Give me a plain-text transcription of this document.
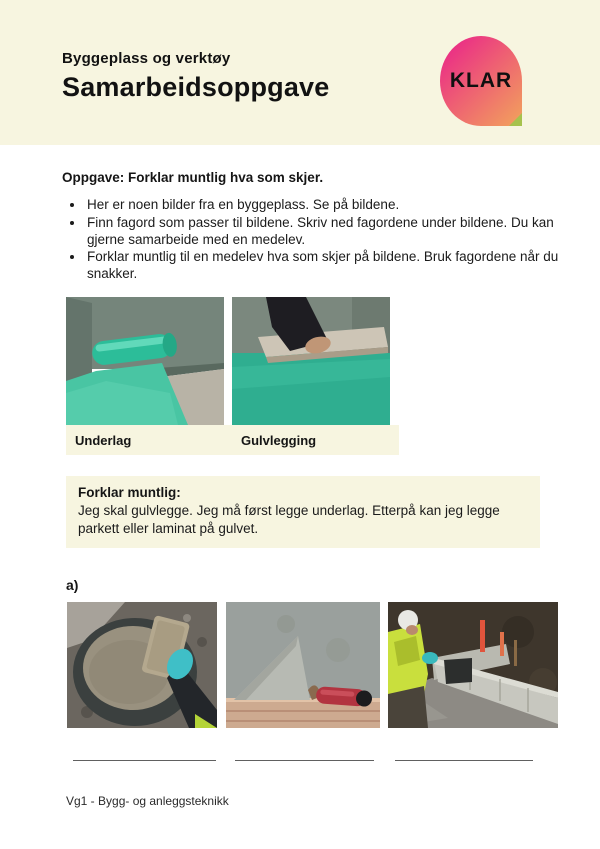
Byggeplass og verktøy
Samarbeidsoppgave	KLAR
Oppgave: Forklar muntlig hva som skjer.
• Her er noen bilder fra en byggeplass. Se på bildene.
• Finn fagord som passer til bildene. Skriv ned fagordene under bildene. Du kan gjerne samarbeide med en medelev.
• Forklar muntlig til en medelev hva som skjer på bildene. Bruk fagordene når du snakker.
Underlag	Gulvlegging
Forklar muntlig:
Jeg skal gulvlegge. Jeg må først legge underlag. Etterpå kan jeg legge parkett eller laminat på gulvet.
a)
Vg1 - Bygg- og anleggsteknikk
